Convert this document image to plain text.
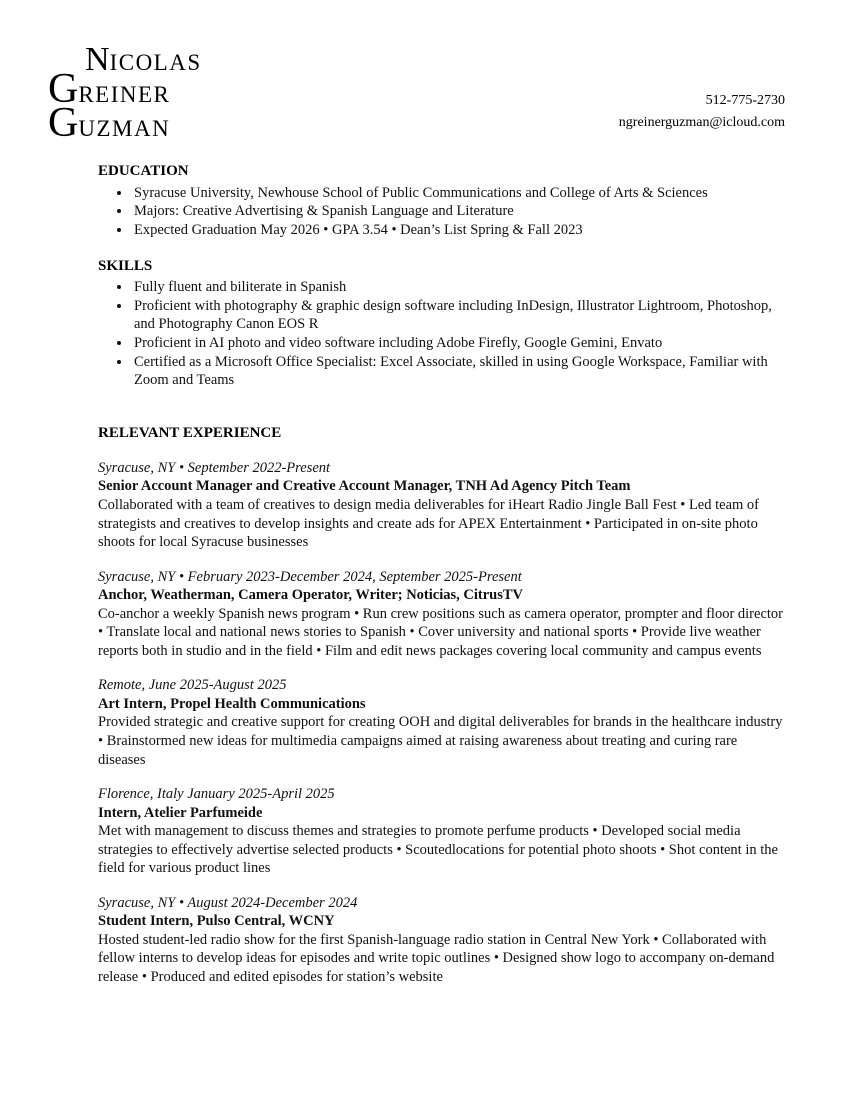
NICOLAS
GREINER
GUZMAN
512-775-2730
ngreinerguzman@icloud.com
EDUCATION
• Syracuse University, Newhouse School of Public Communications and College of Arts & Sciences
• Majors: Creative Advertising & Spanish Language and Literature
• Expected Graduation May 2026 • GPA 3.54 • Dean’s List Spring & Fall 2023
SKILLS
• Fully fluent and biliterate in Spanish
• Proficient with photography & graphic design software including InDesign, Illustrator Lightroom, Photoshop, and Photography Canon EOS R
• Proficient in AI photo and video software including Adobe Firefly, Google Gemini, Envato
• Certified as a Microsoft Office Specialist: Excel Associate, skilled in using Google Workspace, Familiar with Zoom and Teams
RELEVANT EXPERIENCE
Syracuse, NY • September 2022-Present
Senior Account Manager and Creative Account Manager, TNH Ad Agency Pitch Team

Collaborated with a team of creatives to design media deliverables for iHeart Radio Jingle Ball Fest • Led team of strategists and creatives to develop insights and create ads for APEX Entertainment • Participated in on-site photo shoots for local Syracuse businesses

Syracuse, NY • February 2023-December 2024, September 2025-Present
Anchor, Weatherman, Camera Operator, Writer; Noticias, CitrusTV

Co-anchor a weekly Spanish news program • Run crew positions such as camera operator, prompter and floor director • Translate local and national news stories to Spanish • Cover university and national sports • Provide live weather reports both in studio and in the field • Film and edit news packages covering local community and campus events

Remote, June 2025-August 2025
Art Intern, Propel Health Communications

Provided strategic and creative support for creating OOH and digital deliverables for brands in the healthcare industry • Brainstormed new ideas for multimedia campaigns aimed at raising awareness about treating and curing rare diseases

Florence, Italy January 2025-April 2025
Intern, Atelier Parfumeide

Met with management to discuss themes and strategies to promote perfume products • Developed social media strategies to effectively advertise selected products • Scoutedlocations for potential photo shoots • Shot content in the field for various product lines

Syracuse, NY • August 2024-December 2024
Student Intern, Pulso Central, WCNY

Hosted student-led radio show for the first Spanish-language radio station in Central New York • Collaborated with fellow interns to develop ideas for episodes and write topic outlines • Designed show logo to accompany on-demand release • Produced and edited episodes for station’s website
